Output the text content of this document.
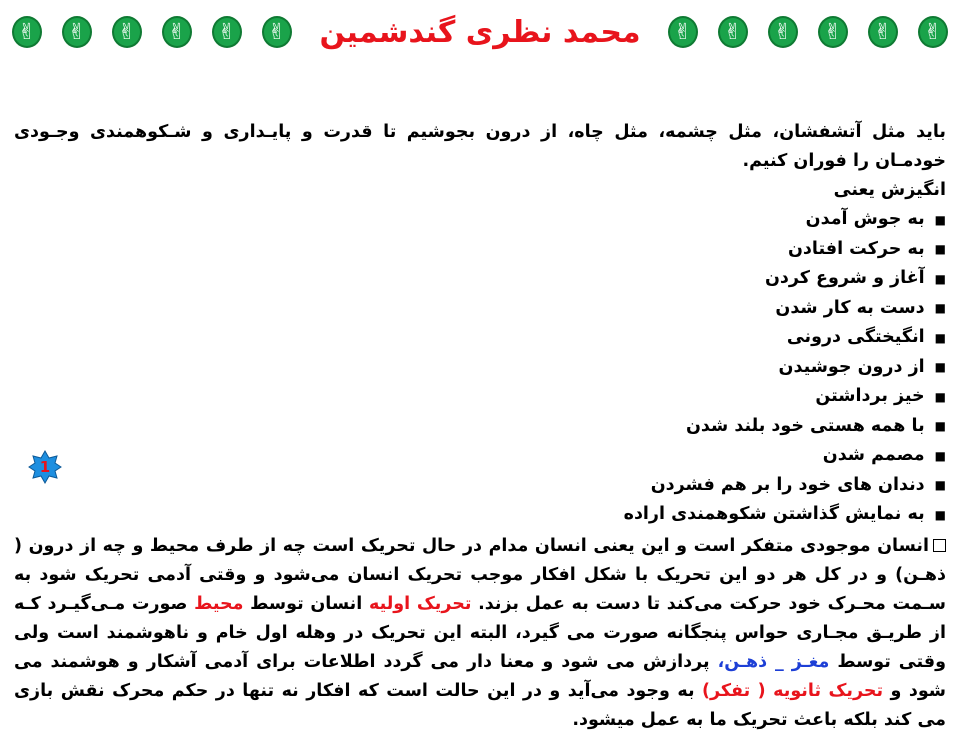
✌ ✌ ✌ ✌ ✌ ✌ محمد نظری گندشمین ✌ ✌ ✌ ✌ ✌ ✌

باید مثل آتشفشان، مثل چشمه، مثل چاه، از درون بجوشیم تا قدرت و پایـداری و شـکوهمندی وجـودی خودمـان را فوران کنیم.

انگیزش یعنی

■
به جوش آمدن
■
به حرکت افتادن
■
آغاز و شروع کردن
■
دست به کار شدن
■
انگیختگی درونی
■
از درون جوشیدن
■
خیز برداشتن
■
با همه هستی خود بلند شدن
■
مصمم شدن
■
دندان های خود را بر هم فشردن
■
به نمایش گذاشتن شکوهمندی اراده

انسان موجودی متفکر است و این یعنی انسان مدام در حال تحریک است چه از طرف محیط و چه از درون ( ذهـن) و در کل هر دو این تحریک با شکل افکار موجب تحریک انسان می‌شود و وقتی آدمی تحریک شود به سـمت محـرک خود حرکت می‌کند تا دست به عمل بزند. تحریک اولیه انسان توسط محیط صورت مـی‌گیـرد کـه از طریـق مجـاری حواس پنجگانه صورت می گیرد، البته این تحریک در وهله اول خام و ناهوشمند است ولی وقتی توسط مغـز _ ذهـن، پردازش می شود و معنا دار می گردد اطلاعات برای آدمی آشکار و هوشمند می شود و تحریک ثانویه ( تفکر) به وجود می‌آید و در این حالت است که افکار نه تنها در حکم محرک نقش بازی می کند بلکه باعث تحریک ما به عمل میشود.

1
